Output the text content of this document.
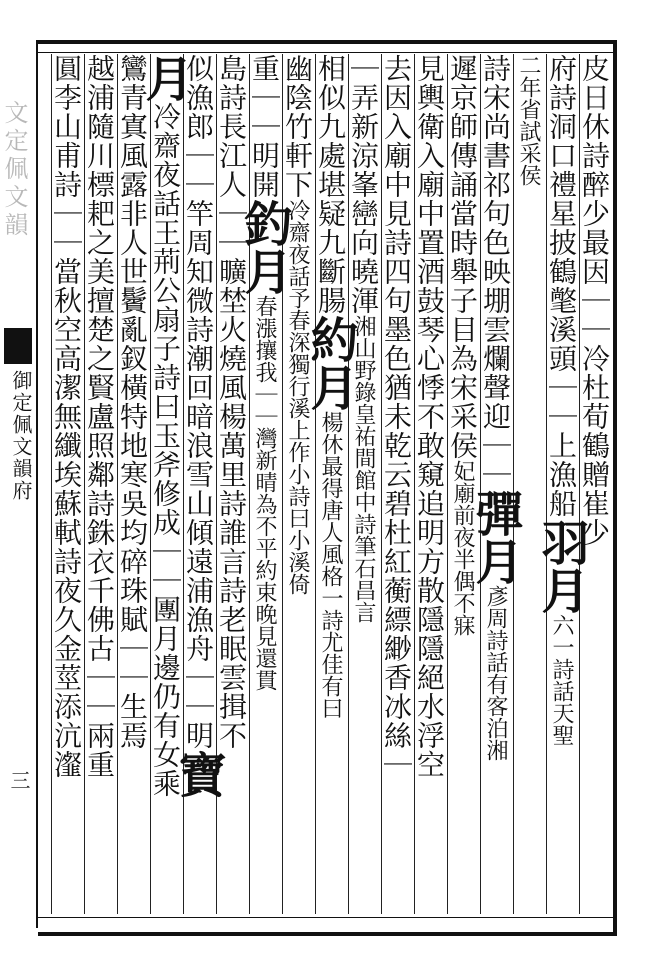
文定佩文韻
御定佩文韻府
三
皮日休詩醉少最因｜｜冷杜荀鶴贈崔少
府詩洞口禮星披鶴氅溪頭｜｜上漁船羽月六一詩話天聖
二年省試采侯
詩宋尚書祁句色映堋雲爛聲迎｜｜彈月彥周詩話有客泊湘
遲京師傳誦當時舉子目為宋采侯妃廟前夜半偶不寐
見輿衛入廟中置酒鼓琴心悸不敢窺追明方散隱隱絕水浮空
去因入廟中見詩四句墨色猶未乾云碧杜紅蘅縹緲香冰絲｜
｜弄新涼峯巒向曉渾湘山野錄皇祐間館中詩筆石昌言
相似九處堪疑九斷腸約月楊休最得唐人風格一詩尤佳有曰
幽陰竹軒下冷齋夜話予春深獨行溪上作小詩曰小溪倚
重｜｜明開釣月春漲攘我｜｜灣新晴為不平約束晚見還貫
島詩長江人｜｜曠埜火燒風楊萬里詩誰言詩老眠雲揖不
似漁郎｜｜竿周知微詩潮回暗浪雪山傾遠浦漁舟｜｜明寶
月冷齋夜話王荊公扇子詩曰玉斧修成｜｜團月邊仍有女乘
鸞青寘風露非人世鬢亂釵橫特地寒吳均碎珠賦｜｜生焉
越浦隨川標耙之美擅楚之賢盧照鄰詩銖衣千佛古｜｜兩重
圓李山甫詩｜｜當秋空高潔無纖埃蘇軾詩夜久金莖添沆瀣
